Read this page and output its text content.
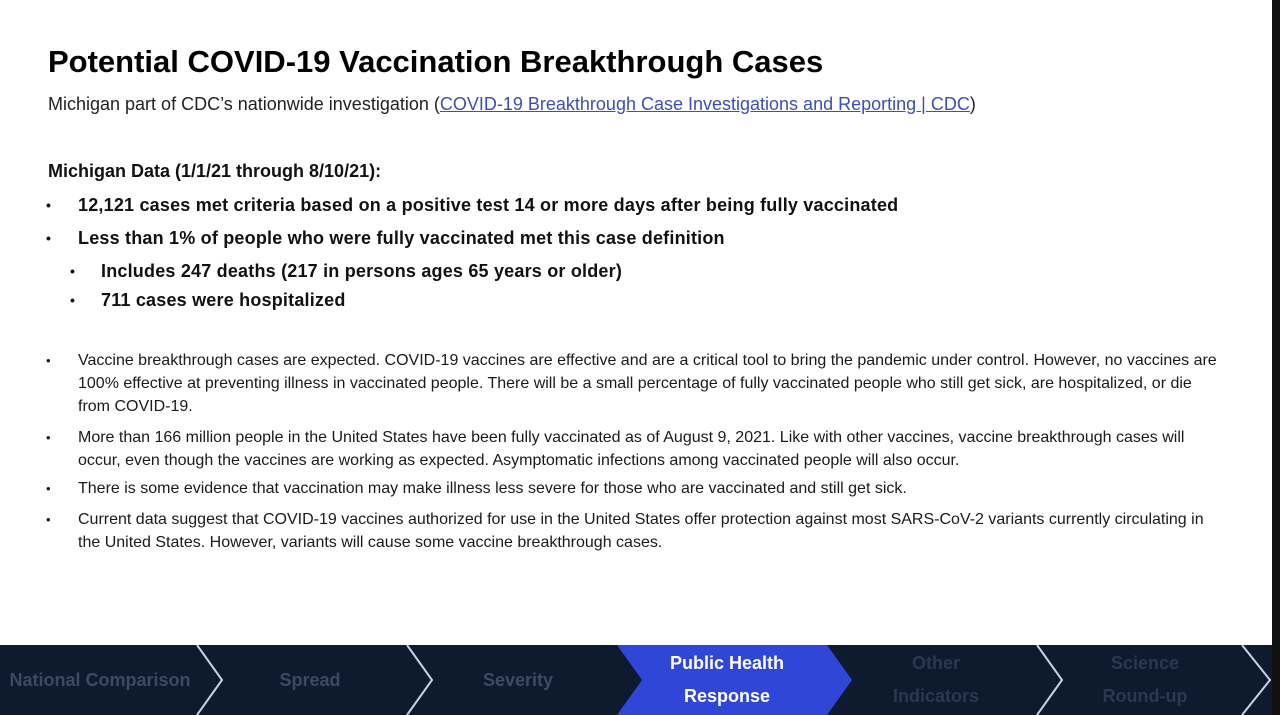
Potential COVID-19 Vaccination Breakthrough Cases
Michigan part of CDC’s nationwide investigation (COVID-19 Breakthrough Case Investigations and Reporting | CDC)
Michigan Data (1/1/21 through 8/10/21):
• 12,121 cases met criteria based on a positive test 14 or more days after being fully vaccinated
• Less than 1% of people who were fully vaccinated met this case definition
• Includes 247 deaths (217 in persons ages 65 years or older)
• 711 cases were hospitalized
• Vaccine breakthrough cases are expected. COVID-19 vaccines are effective and are a critical tool to bring the pandemic under control. However, no vaccines are 100% effective at preventing illness in vaccinated people. There will be a small percentage of fully vaccinated people who still get sick, are hospitalized, or die from COVID-19.
• More than 166 million people in the United States have been fully vaccinated as of August 9, 2021. Like with other vaccines, vaccine breakthrough cases will occur, even though the vaccines are working as expected. Asymptomatic infections among vaccinated people will also occur.
• There is some evidence that vaccination may make illness less severe for those who are vaccinated and still get sick.
• Current data suggest that COVID-19 vaccines authorized for use in the United States offer protection against most SARS-CoV-2 variants currently circulating in the United States. However, variants will cause some vaccine breakthrough cases.
National Comparison	Spread	Severity
Public Health
Response
Other
Indicators
Science
Round-up
